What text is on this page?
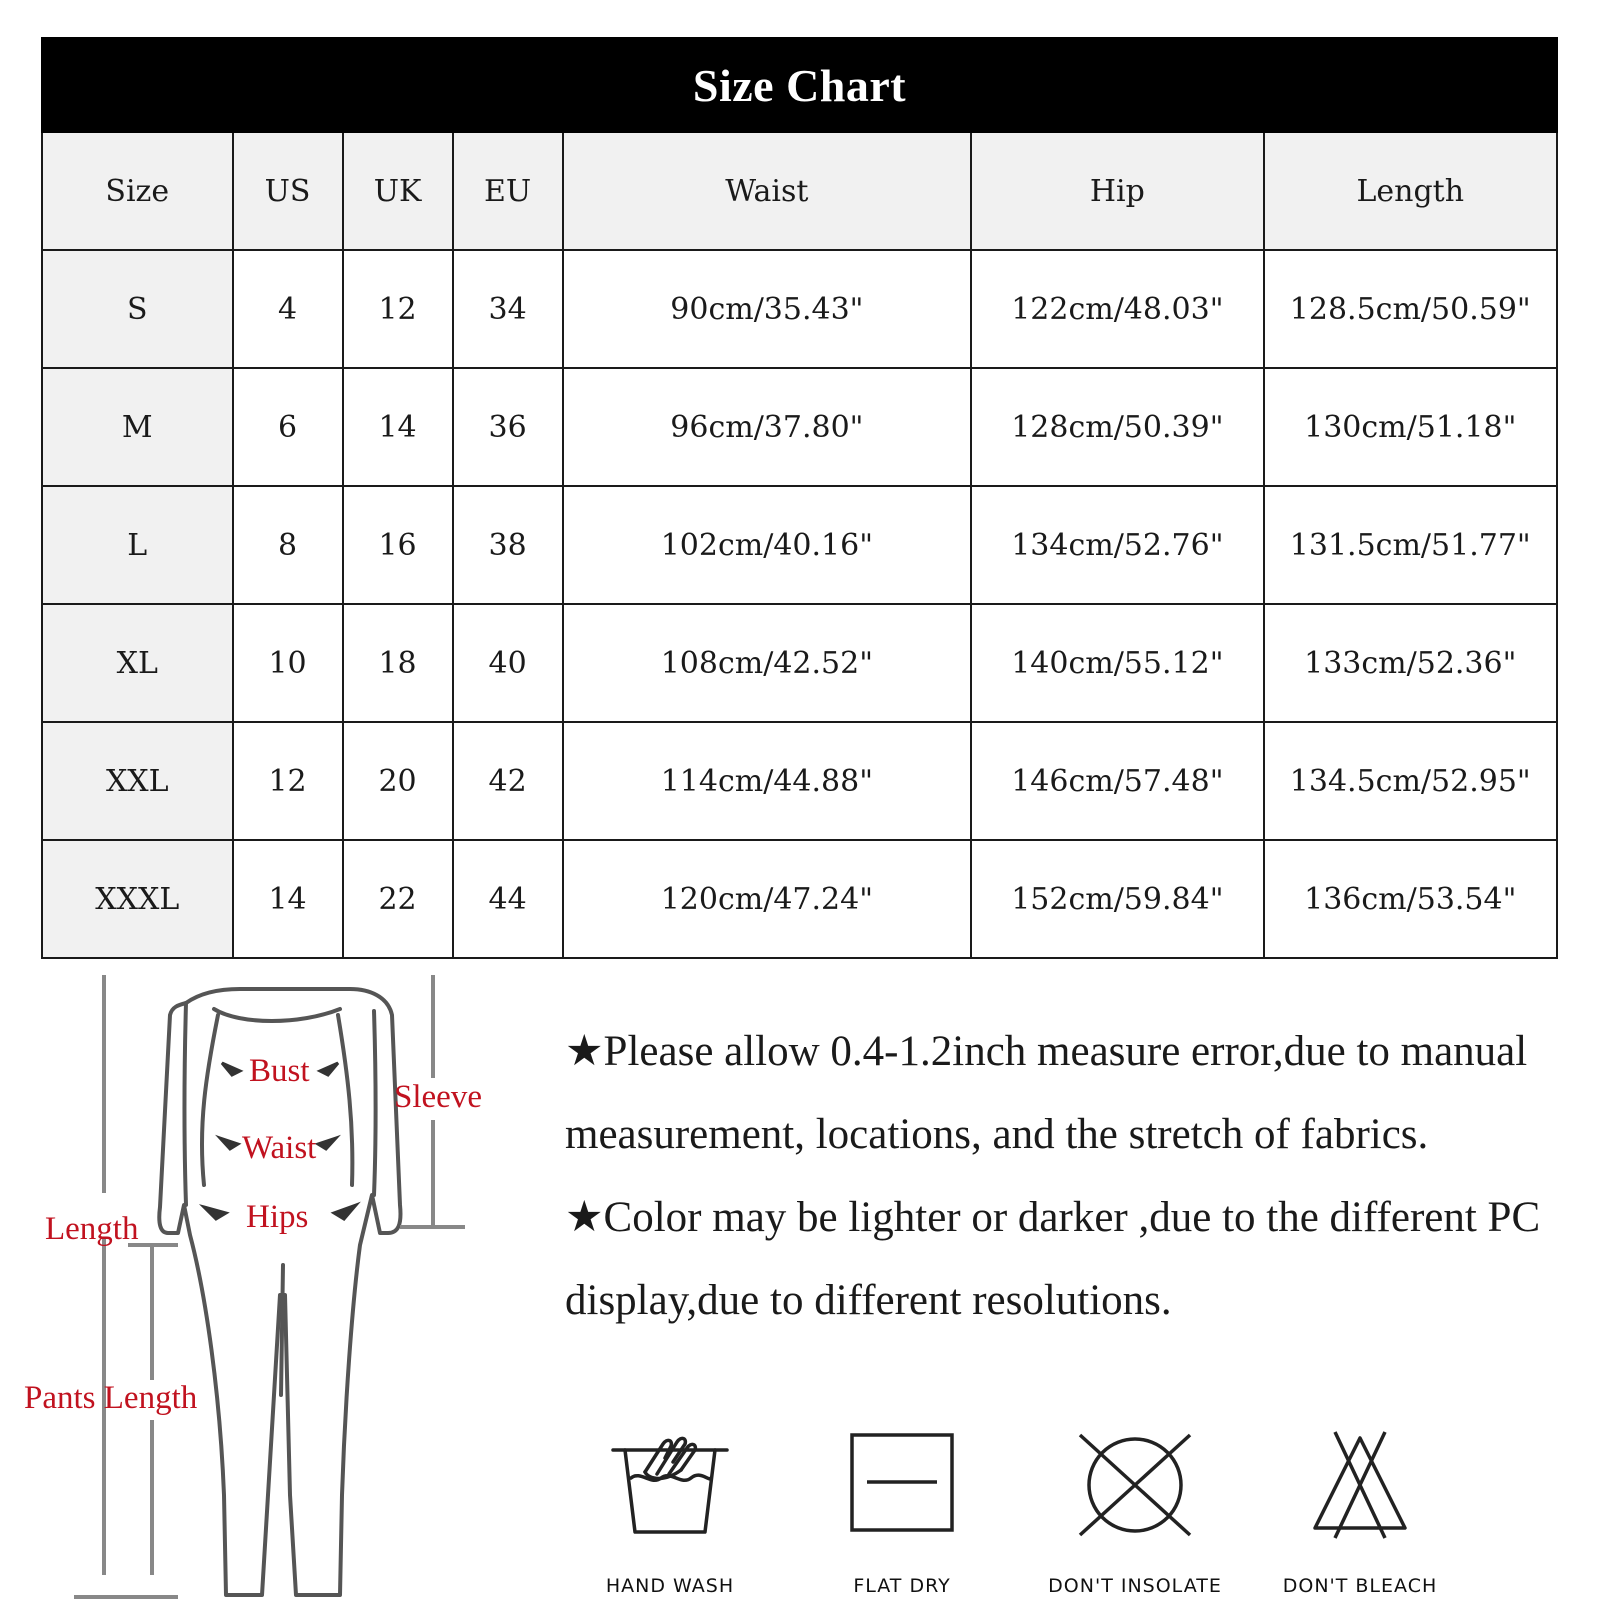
Size Chart
Size	US	UK	EU	Waist	Hip	Length
S	4	12	34	90cm/35.43"	122cm/48.03"	128.5cm/50.59"
M	6	14	36	96cm/37.80"	128cm/50.39"	130cm/51.18"
L	8	16	38	102cm/40.16"	134cm/52.76"	131.5cm/51.77"
XL	10	18	40	108cm/42.52"	140cm/55.12"	133cm/52.36"
XXL	12	20	42	114cm/44.88"	146cm/57.48"	134.5cm/52.95"
XXXL	14	22	44	120cm/47.24"	152cm/59.84"	136cm/53.54"
Bust
Waist
Hips
Sleeve
Length
Pants Length
★Please allow 0.4-1.2inch measure error,due to manual measurement, locations, and the stretch of fabrics.
★Color may be lighter or darker ,due to the different PC display,due to different resolutions.
HAND WASH	FLAT DRY	DON'T INSOLATE	DON'T BLEACH
